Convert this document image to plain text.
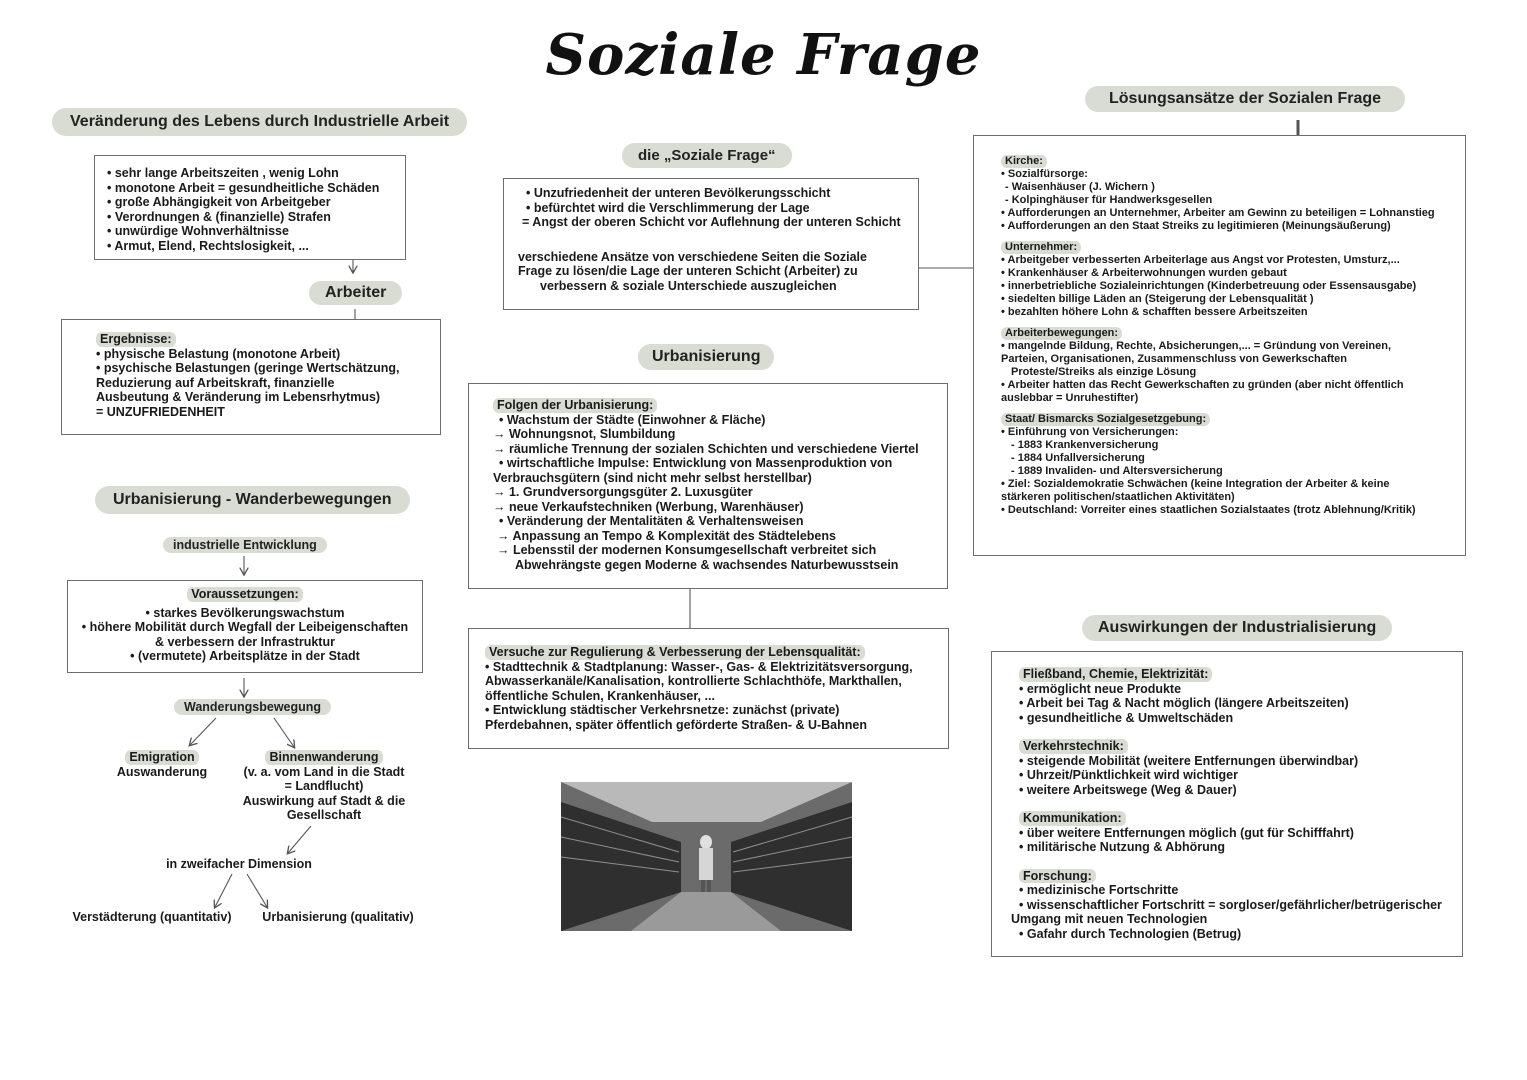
Soziale Frage
Veränderung des Lebens durch Industrielle Arbeit
• sehr lange Arbeitszeiten , wenig Lohn
• monotone Arbeit = gesundheitliche Schäden
• große Abhängigkeit von Arbeitgeber
• Verordnungen & (finanzielle) Strafen
• unwürdige Wohnverhältnisse
• Armut, Elend, Rechtslosigkeit, ...
Arbeiter
Ergebnisse:
• physische Belastung (monotone Arbeit)
• psychische Belastungen (geringe Wertschätzung,
Reduzierung auf Arbeitskraft, finanzielle
Ausbeutung & Veränderung im Lebensrhytmus)
= UNZUFRIEDENHEIT
Urbanisierung - Wanderbewegungen
industrielle Entwicklung
Voraussetzungen:
• starkes Bevölkerungswachstum
• höhere Mobilität durch Wegfall der Leibeigenschaften
& verbessern der Infrastruktur
• (vermutete) Arbeitsplätze in der Stadt
Wanderungsbewegung
Emigration
Auswanderung
Binnenwanderung
(v. a. vom Land in die Stadt
= Landflucht)
Auswirkung auf Stadt & die
Gesellschaft
in zweifacher Dimension
Verstädterung (quantitativ)	Urbanisierung (qualitativ)
die „Soziale Frage“
• Unzufriedenheit der unteren Bevölkerungsschicht
• befürchtet wird die Verschlimmerung der Lage
= Angst der oberen Schicht vor Auflehnung der unteren Schicht
verschiedene Ansätze von verschiedene Seiten die Soziale
Frage zu lösen/die Lage der unteren Schicht (Arbeiter) zu
verbessern & soziale Unterschiede auszugleichen
Urbanisierung
Folgen der Urbanisierung:
• Wachstum der Städte (Einwohner & Fläche)
→ Wohnungsnot, Slumbildung
→ räumliche Trennung der sozialen Schichten und verschiedene Viertel
• wirtschaftliche Impulse: Entwicklung von Massenproduktion von
Verbrauchsgütern (sind nicht mehr selbst herstellbar)
→ 1. Grundversorgungsgüter 2. Luxusgüter
→ neue Verkaufstechniken (Werbung, Warenhäuser)
• Veränderung der Mentalitäten & Verhaltensweisen
→ Anpassung an Tempo & Komplexität des Städtelebens
→ Lebensstil der modernen Konsumgesellschaft verbreitet sich
Abwehrängste gegen Moderne & wachsendes Naturbewusstsein
Versuche zur Regulierung & Verbesserung der Lebensqualität:
• Stadttechnik & Stadtplanung: Wasser-, Gas- & Elektrizitätsversorgung,
Abwasserkanäle/Kanalisation, kontrollierte Schlachthöfe, Markthallen,
öffentliche Schulen, Krankenhäuser, ...
• Entwicklung städtischer Verkehrsnetze: zunächst (private)
Pferdebahnen, später öffentlich geförderte Straßen- & U-Bahnen
Lösungsansätze der Sozialen Frage
Kirche:
• Sozialfürsorge:
- Waisenhäuser (J. Wichern )
- Kolpinghäuser für Handwerksgesellen
• Aufforderungen an Unternehmer, Arbeiter am Gewinn zu beteiligen = Lohnanstieg
• Aufforderungen an den Staat Streiks zu legitimieren (Meinungsäußerung)
Unternehmer:
• Arbeitgeber verbesserten Arbeiterlage aus Angst vor Protesten, Umsturz,...
• Krankenhäuser & Arbeiterwohnungen wurden gebaut
• innerbetriebliche Sozialeinrichtungen (Kinderbetreuung oder Essensausgabe)
• siedelten billige Läden an (Steigerung der Lebensqualität )
• bezahlten höhere Lohn & schafften bessere Arbeitszeiten
Arbeiterbewegungen:
• mangelnde Bildung, Rechte, Absicherungen,... = Gründung von Vereinen,
Parteien, Organisationen, Zusammenschluss von Gewerkschaften
Proteste/Streiks als einzige Lösung
• Arbeiter hatten das Recht Gewerkschaften zu gründen (aber nicht öffentlich
auslebbar = Unruhestifter)
Staat/ Bismarcks Sozialgesetzgebung:
• Einführung von Versicherungen:
- 1883 Krankenversicherung
- 1884 Unfallversicherung
- 1889 Invaliden- und Altersversicherung
• Ziel: Sozialdemokratie Schwächen (keine Integration der Arbeiter & keine
stärkeren politischen/staatlichen Aktivitäten)
• Deutschland: Vorreiter eines staatlichen Sozialstaates (trotz Ablehnung/Kritik)
Auswirkungen der Industrialisierung
Fließband, Chemie, Elektrizität:
• ermöglicht neue Produkte
• Arbeit bei Tag & Nacht möglich (längere Arbeitszeiten)
• gesundheitliche & Umweltschäden
Verkehrstechnik:
• steigende Mobilität (weitere Entfernungen überwindbar)
• Uhrzeit/Pünktlichkeit wird wichtiger
• weitere Arbeitswege (Weg & Dauer)
Kommunikation:
• über weitere Entfernungen möglich (gut für Schifffahrt)
• militärische Nutzung & Abhörung
Forschung:
• medizinische Fortschritte
• wissenschaftlicher Fortschritt = sorgloser/gefährlicher/betrügerischer
Umgang mit neuen Technologien
• Gafahr durch Technologien (Betrug)
